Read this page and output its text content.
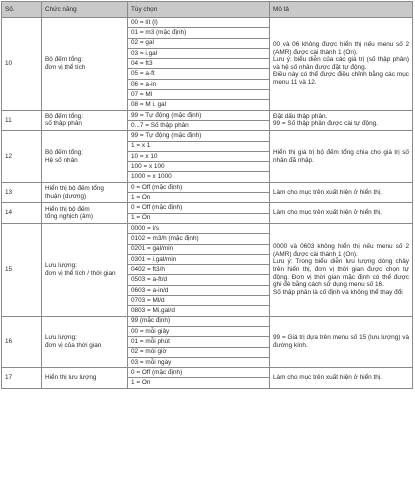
Số.	Chức năng	Tùy chọn	Mô tả
10	Bộ đếm tổng:
đơn vị thể tích	00 = lít (l)	00 và 06 không được hiển thị nếu menu số 2 (AMR) được cài thành 1 (On).
Lưu ý: biểu diễn của các giá trị (số thập phân) và hệ số nhân được đặt tự động.
Điều này có thể được điều chỉnh bằng các mục menu 11 và 12.
		01 = m3 (mặc định)	
		02 = gal	
		03 = i.gal	
		04 = ft3	
		05 = a-ft	
		06 = a-in	
		07 = Ml	
		08 = M i. gal	
11	Bộ đếm tổng:
số thập phân	99 = Tự động (mặc định)	Đặt dấu thập phân.
99 = Số thập phân được cài tự động.
		0...7 = Số thập phân	
12	Bộ đếm tổng:
Hệ số nhân	99 = Tự động (mặc định)	Hiển thị giá trị bộ đếm tổng chia cho giá trị số nhân đã nhập.
		1 = x 1	
		10 = x 10	
		100 = x 100	
		1000 = x 1000	
13	Hiển thị bộ đếm tổng
thuận (dương)	0 = Off (mặc định)	Làm cho mục trên xuất hiện ở hiển thị.
		1 = On	
14	Hiển thị bộ đếm
tổng nghịch (âm)	0 = Off (mặc định)	Làm cho mục trên xuất hiện ở hiển thị.
		1 = On	
15	Lưu lượng:
đơn vị thể tích / thời gian	0000 = l/s	0000 và 0603 không hiển thị nếu menu số 2 (AMR) được cài thành 1 (On).
Lưu ý: Trong biểu diễn lưu lượng dòng chảy trên hiển thị, đơn vị thời gian được chọn tự động. Đơn vị thời gian mặc định có thể được ghi đè bằng cách sử dụng menu số 16.
Số thập phân là cố định và không thể thay đổi
		0102 = m3/h (mặc định)	
		0201 = gal/min	
		0301 = i.gal/min	
		0402 = ft3/h	
		0503 = a-ft/d	
		0603 = a-in/d	
		0703 = Ml/d	
		0803 = Mi.gal/d	
16	Lưu lượng:
đơn vị của thời gian	99 (mặc định)	99 = Giá trị dựa trên menu số 15 (lưu lượng) và đường kính.
		00 = mỗi giây	
		01 = mỗi phút	
		02 = mỗi giờ	
		03 = mỗi ngày	
17	Hiển thị lưu lượng	0 = Off (mặc định)	Làm cho mục trên xuất hiện ở hiển thị.
		1 = On	
